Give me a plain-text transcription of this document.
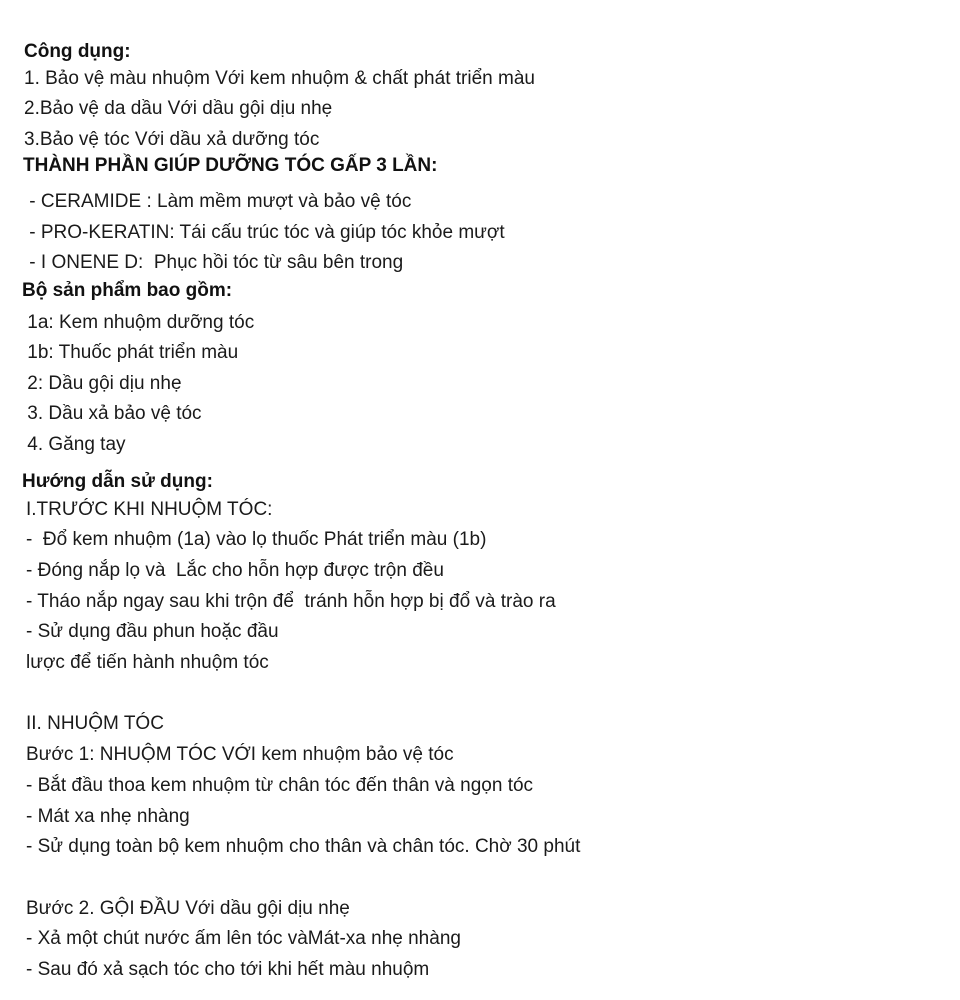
Công dụng:
1. Bảo vệ màu nhuộm Với kem nhuộm & chất phát triển màu
2.Bảo vệ da dầu Với dầu gội dịu nhẹ
3.Bảo vệ tóc Với dầu xả dưỡng tóc
THÀNH PHẦN GIÚP DƯỠNG TÓC GẤP 3 LẦN:
- CERAMIDE : Làm mềm mượt và bảo vệ tóc
- PRO-KERATIN: Tái cấu trúc tóc và giúp tóc khỏe mượt
- I ONENE D:  Phục hồi tóc từ sâu bên trong
Bộ sản phẩm bao gồm:
1a: Kem nhuộm dưỡng tóc
1b: Thuốc phát triển màu
2: Dầu gội dịu nhẹ
3. Dầu xả bảo vệ tóc
4. Găng tay
Hướng dẫn sử dụng:
I.TRƯỚC KHI NHUỘM TÓC:
-  Đổ kem nhuộm (1a) vào lọ thuốc Phát triển màu (1b)
- Đóng nắp lọ và  Lắc cho hỗn hợp được trộn đều
- Tháo nắp ngay sau khi trộn để  tránh hỗn hợp bị đổ và trào ra
- Sử dụng đầu phun hoặc đầu
lược để tiến hành nhuộm tóc
II. NHUỘM TÓC
Bước 1: NHUỘM TÓC VỚI kem nhuộm bảo vệ tóc
- Bắt đầu thoa kem nhuộm từ chân tóc đến thân và ngọn tóc
- Mát xa nhẹ nhàng
- Sử dụng toàn bộ kem nhuộm cho thân và chân tóc. Chờ 30 phút
Bước 2. GỘI ĐẦU Với dầu gội dịu nhẹ
- Xả một chút nước ấm lên tóc vàMát-xa nhẹ nhàng
- Sau đó xả sạch tóc cho tới khi hết màu nhuộm
